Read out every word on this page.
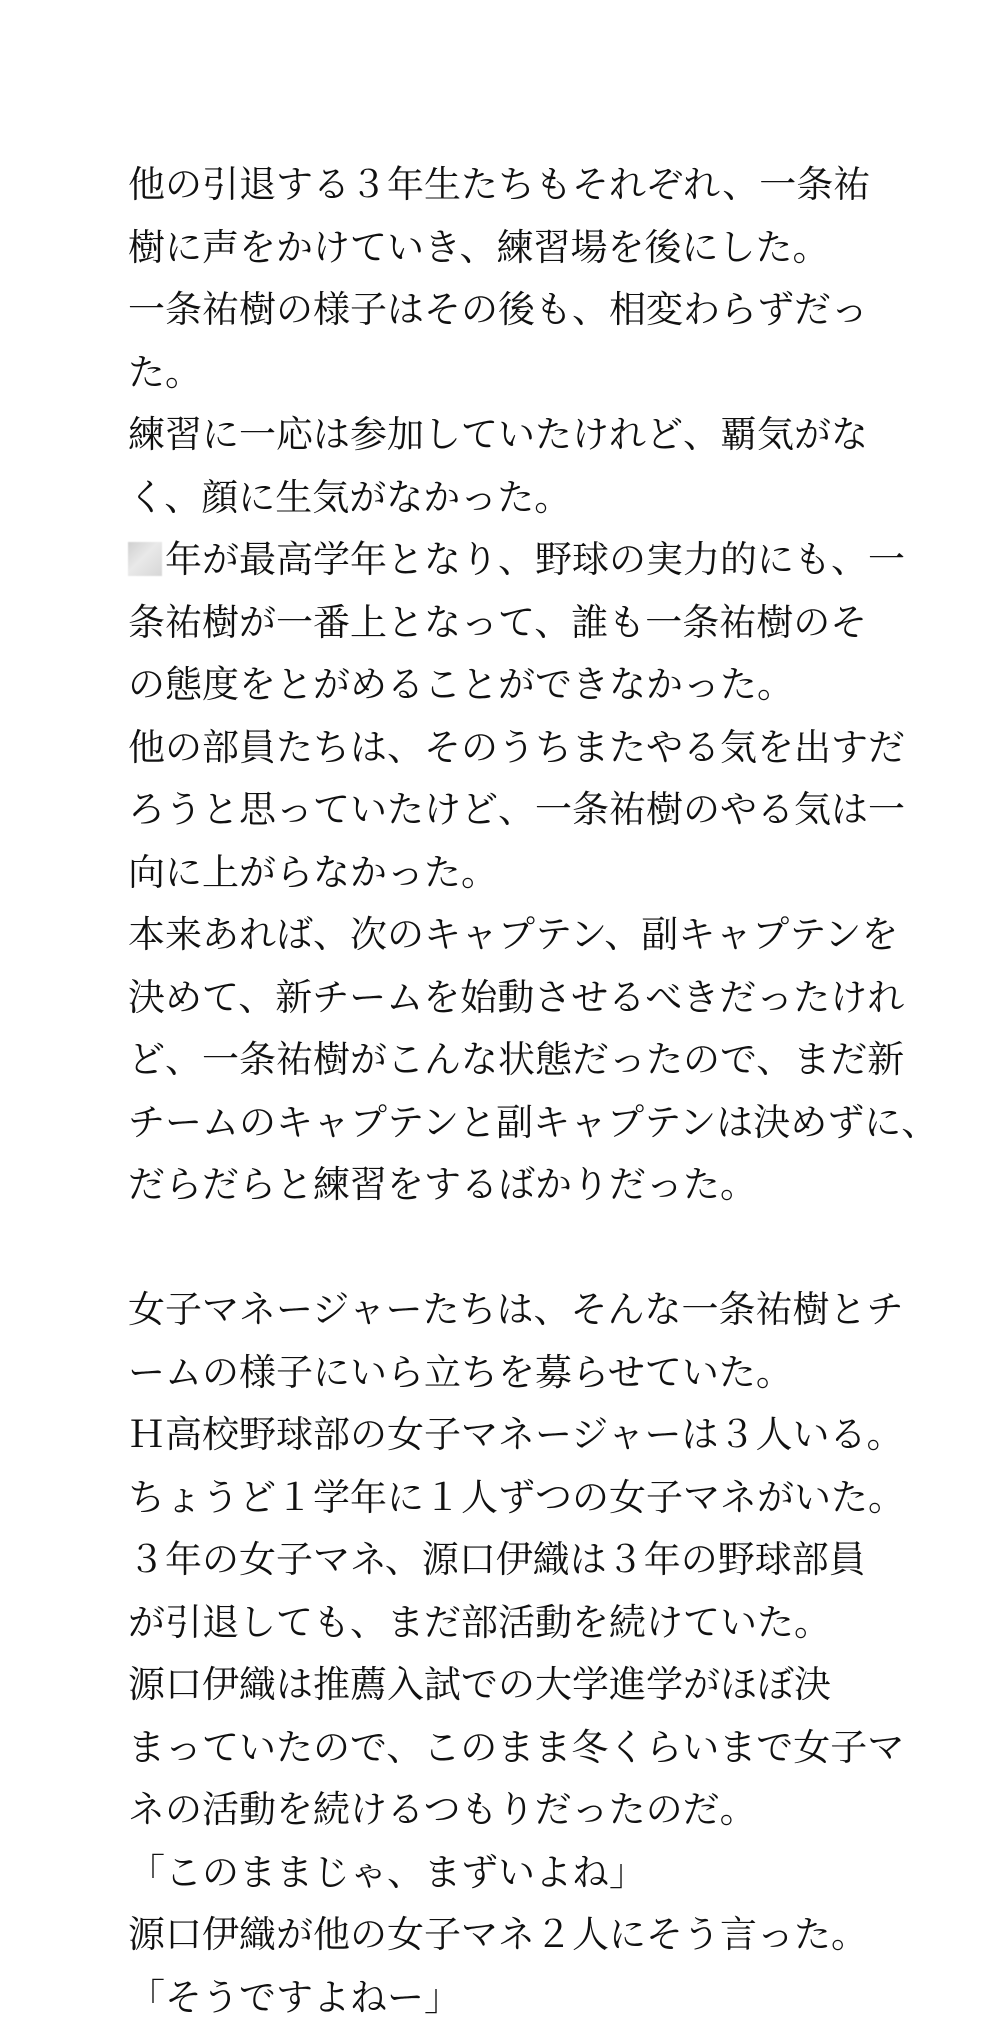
他の引退する３年生たちもそれぞれ、一条祐
樹に声をかけていき、練習場を後にした。
一条祐樹の様子はその後も、相変わらずだっ
た。
練習に一応は参加していたけれど、覇気がな
く、顔に生気がなかった。
年が最高学年となり、野球の実力的にも、一
条祐樹が一番上となって、誰も一条祐樹のそ
の態度をとがめることができなかった。
他の部員たちは、そのうちまたやる気を出すだ
ろうと思っていたけど、一条祐樹のやる気は一
向に上がらなかった。
本来あれば、次のキャプテン、副キャプテンを
決めて、新チームを始動させるべきだったけれ
ど、一条祐樹がこんな状態だったので、まだ新
チームのキャプテンと副キャプテンは決めずに、
だらだらと練習をするばかりだった。
女子マネージャーたちは、そんな一条祐樹とチ
ームの様子にいら立ちを募らせていた。
Ｈ高校野球部の女子マネージャーは３人いる。
ちょうど１学年に１人ずつの女子マネがいた。
３年の女子マネ、源口伊織は３年の野球部員
が引退しても、まだ部活動を続けていた。
源口伊織は推薦入試での大学進学がほぼ決
まっていたので、このまま冬くらいまで女子マ
ネの活動を続けるつもりだったのだ。
「このままじゃ、まずいよね」
源口伊織が他の女子マネ２人にそう言った。
「そうですよねー」
